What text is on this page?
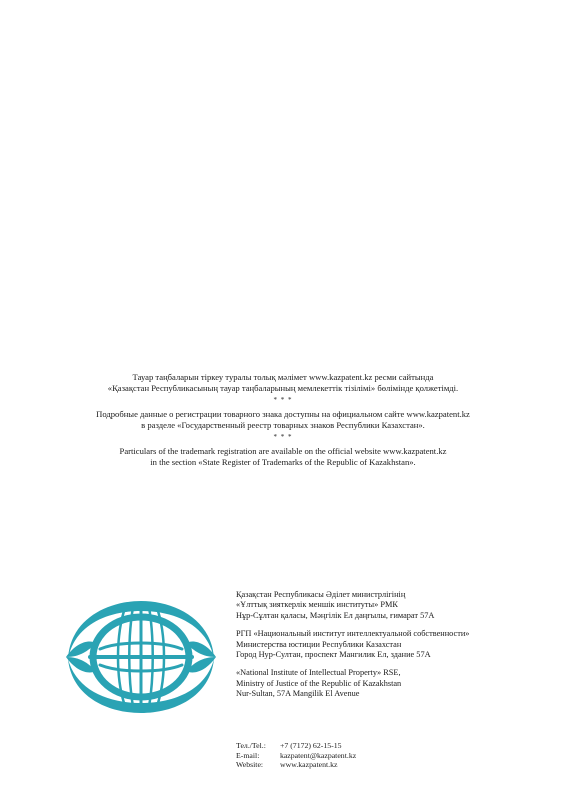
Тауар таңбаларын тіркеу туралы толық мәлімет www.kazpatent.kz ресми сайтында
«Қазақстан Республикасының тауар таңбаларының мемлекеттік тізілімі» бөлімінде қолжетімді.

* * *

Подробные данные о регистрации товарного знака доступны на официальном сайте www.kazpatent.kz
в разделе «Государственный реестр товарных знаков Республики Казахстан».

* * *

Particulars of the trademark registration are available on the official website www.kazpatent.kz
in the section «State Register of Trademarks of the Republic of Kazakhstan».

Қазақстан Республикасы Әділет министрлігінің
«Ұлттық зияткерлік меншік институты» РМК
Нұр-Сұлтан қаласы, Мәңгілік Ел даңғылы, ғимарат 57А
РГП «Национальный институт интеллектуальной собственности»
Министерства юстиции Республики Казахстан
Город Нур-Султан, проспект Мангилик Ел, здание 57А
«National Institute of Intellectual Property» RSE,
Ministry of Justice of the Republic of Kazakhstan
Nur-Sultan, 57A Mangilik El Avenue
Тел./Tel.: +7 (7172) 62-15-15
E-mail:	kazpatent@kazpatent.kz
Website: www.kazpatent.kz
